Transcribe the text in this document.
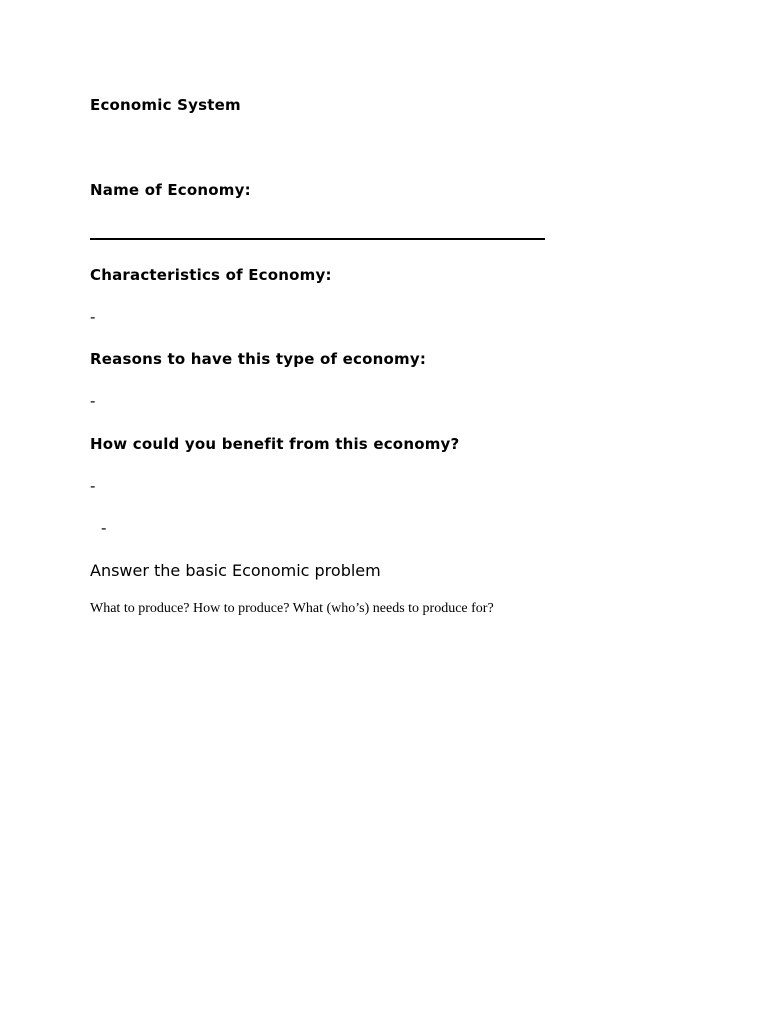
Economic System
Name of Economy:
Characteristics of Economy:
-
Reasons to have this type of economy:
-
How could you benefit from this economy?
-
-
Answer the basic Economic problem
What to produce? How to produce? What (who’s) needs to produce for?
